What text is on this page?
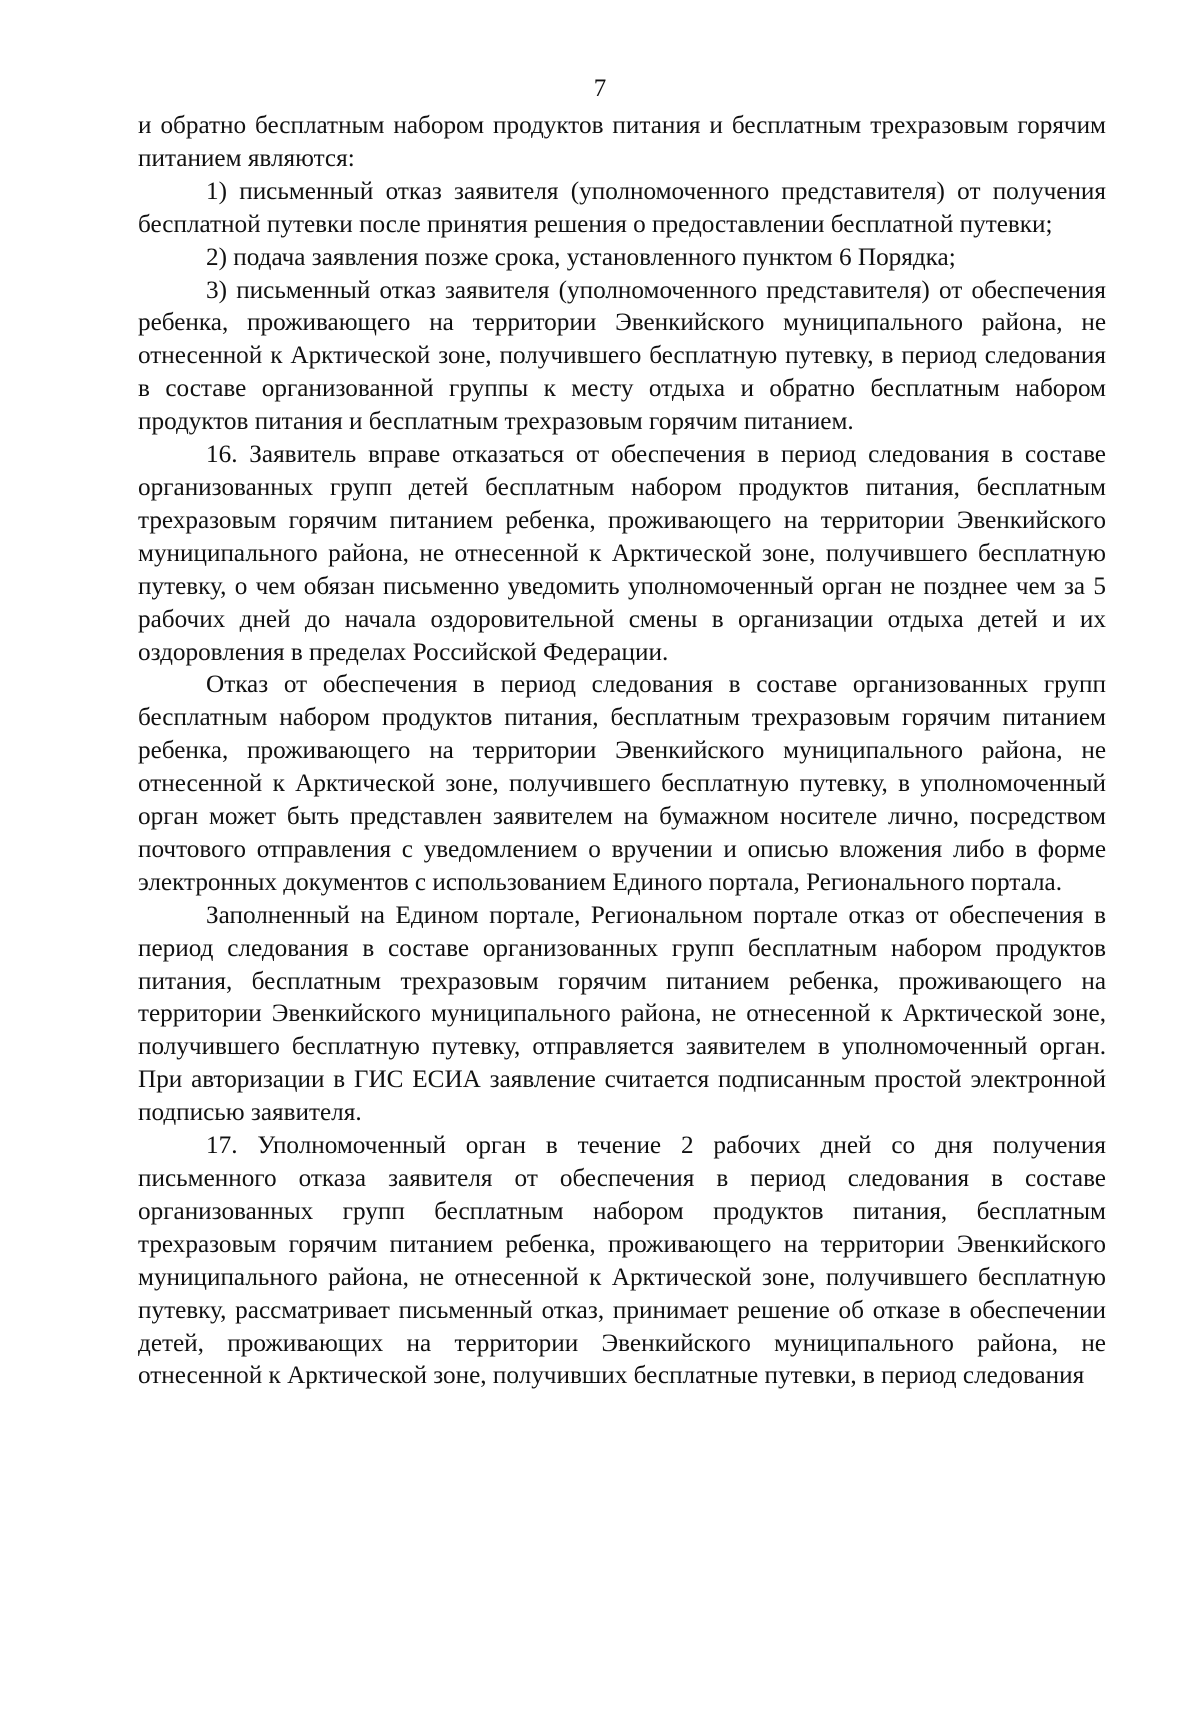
7

и обратно бесплатным набором продуктов питания и бесплатным трехразовым горячим питанием являются:

1) письменный отказ заявителя (уполномоченного представителя) от получения бесплатной путевки после принятия решения о предоставлении бесплатной путевки;

2) подача заявления позже срока, установленного пунктом 6 Порядка;

3) письменный отказ заявителя (уполномоченного представителя) от обеспечения ребенка, проживающего на территории Эвенкийского муниципального района, не отнесенной к Арктической зоне, получившего бесплатную путевку, в период следования в составе организованной группы к месту отдыха и обратно бесплатным набором продуктов питания и бесплатным трехразовым горячим питанием.

16. Заявитель вправе отказаться от обеспечения в период следования в составе организованных групп детей бесплатным набором продуктов питания, бесплатным трехразовым горячим питанием ребенка, проживающего на территории Эвенкийского муниципального района, не отнесенной к Арктической зоне, получившего бесплатную путевку, о чем обязан письменно уведомить уполномоченный орган не позднее чем за 5 рабочих дней до начала оздоровительной смены в организации отдыха детей и их оздоровления в пределах Российской Федерации.

Отказ от обеспечения в период следования в составе организованных групп бесплатным набором продуктов питания, бесплатным трехразовым горячим питанием ребенка, проживающего на территории Эвенкийского муниципального района, не отнесенной к Арктической зоне, получившего бесплатную путевку, в уполномоченный орган может быть представлен заявителем на бумажном носителе лично, посредством почтового отправления с уведомлением о вручении и описью вложения либо в форме электронных документов с использованием Единого портала, Регионального портала.

Заполненный на Едином портале, Региональном портале отказ от обеспечения в период следования в составе организованных групп бесплатным набором продуктов питания, бесплатным трехразовым горячим питанием ребенка, проживающего на территории Эвенкийского муниципального района, не отнесенной к Арктической зоне, получившего бесплатную путевку, отправляется заявителем в уполномоченный орган. При авторизации в ГИС ЕСИА заявление считается подписанным простой электронной подписью заявителя.

17. Уполномоченный орган в течение 2 рабочих дней со дня получения письменного отказа заявителя от обеспечения в период следования в составе организованных групп бесплатным набором продуктов питания, бесплатным трехразовым горячим питанием ребенка, проживающего на территории Эвенкийского муниципального района, не отнесенной к Арктической зоне, получившего бесплатную путевку, рассматривает письменный отказ, принимает решение об отказе в обеспечении детей, проживающих на территории Эвенкийского муниципального района, не отнесенной к Арктической зоне, получивших бесплатные путевки, в период следования
